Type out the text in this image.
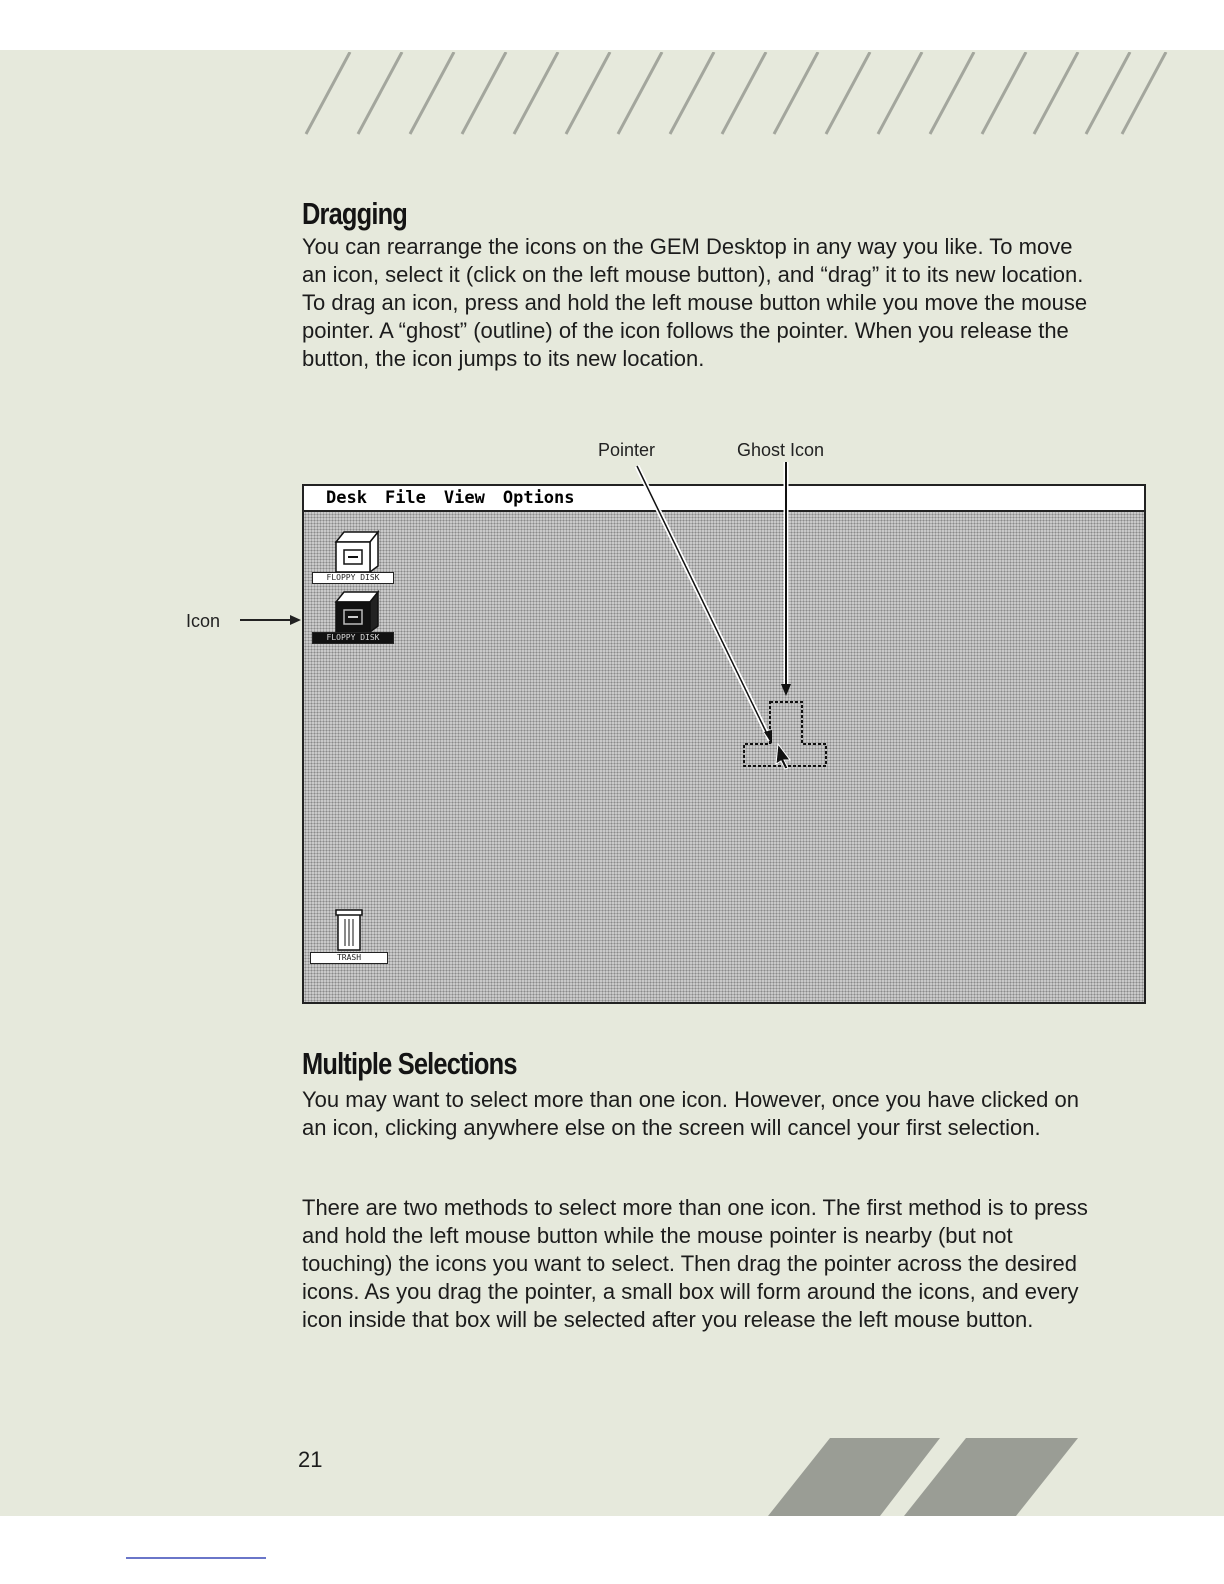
Dragging

You can rearrange the icons on the GEM Desktop in any way you like. To move an icon, select it (click on the left mouse button), and “drag” it to its new location. To drag an icon, press and hold the left mouse button while you move the mouse pointer. A “ghost” (outline) of the icon follows the pointer. When you release the button, the icon jumps to its new location.

Pointer	Ghost Icon
Icon
Desk File View Options
FLOPPY DISK
FLOPPY DISK
TRASH
Multiple Selections

You may want to select more than one icon. However, once you have clicked on an icon, clicking anywhere else on the screen will cancel your first selection.

There are two methods to select more than one icon. The first method is to press and hold the left mouse button while the mouse pointer is nearby (but not touching) the icons you want to select. Then drag the pointer across the desired icons. As you drag the pointer, a small box will form around the icons, and every icon inside that box will be selected after you release the left mouse button.

21
